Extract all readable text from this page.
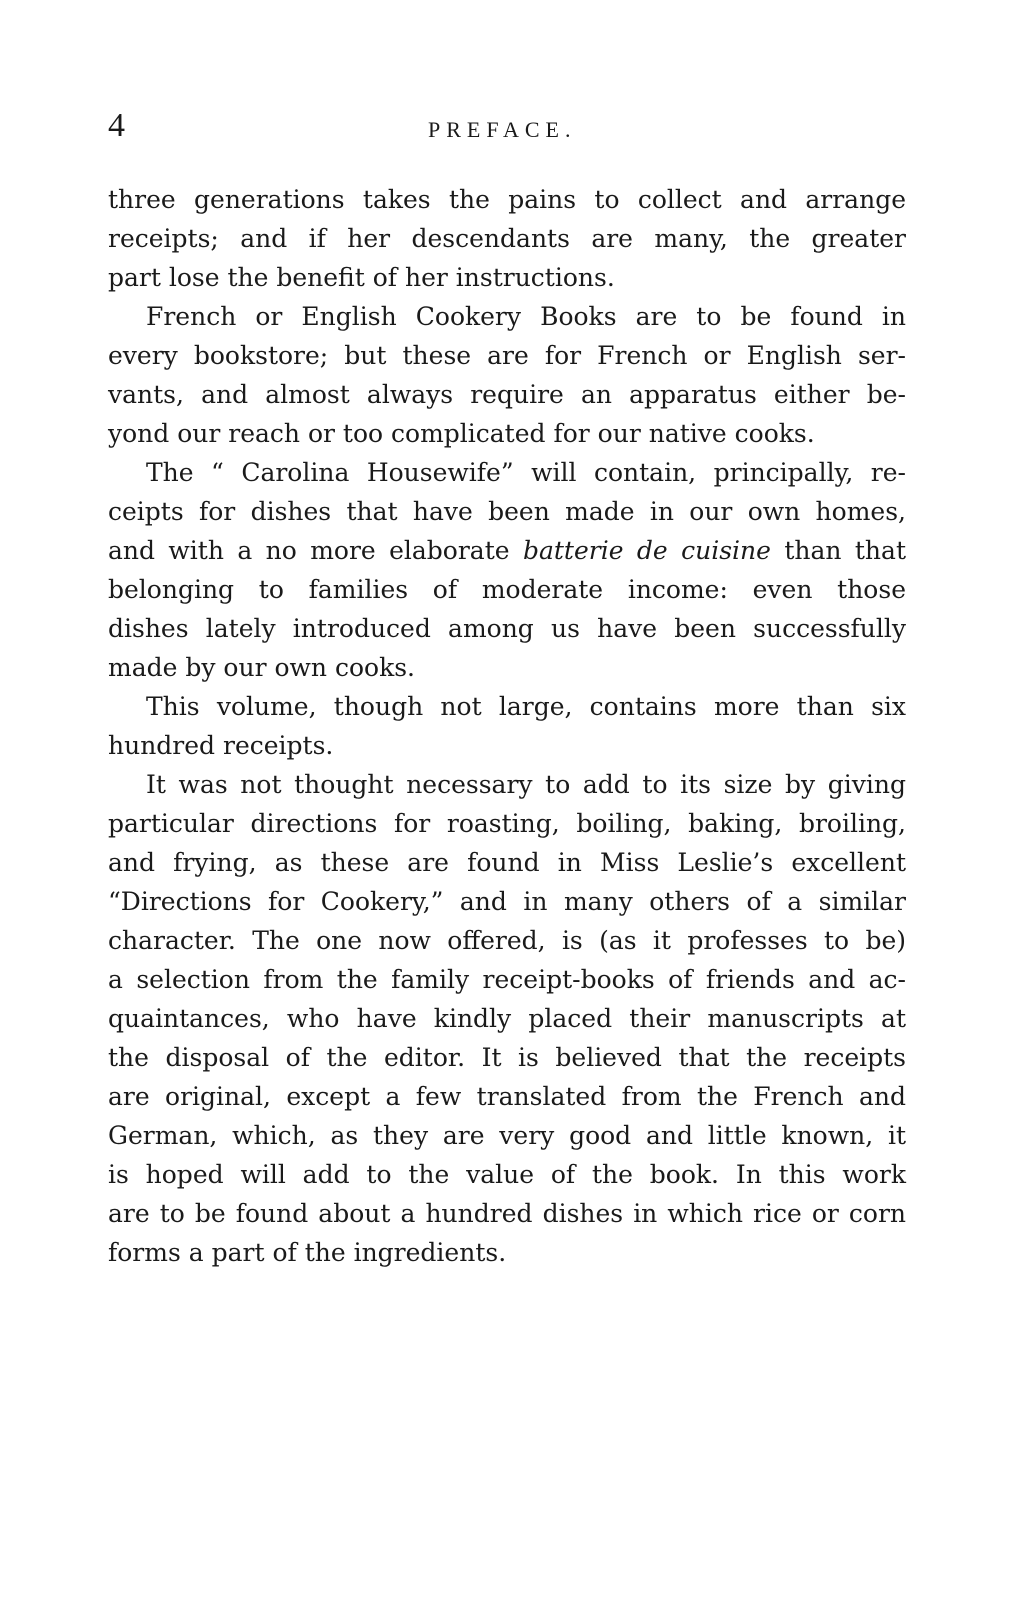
4	PREFACE.
three generations takes the pains to collect and arrange
receipts; and if her descendants are many, the greater
part lose the benefit of her instructions.
French or English Cookery Books are to be found in
every bookstore; but these are for French or English ser-
vants, and almost always require an apparatus either be-
yond our reach or too complicated for our native cooks.
The “ Carolina Housewife” will contain, principally, re-
ceipts for dishes that have been made in our own homes,
and with a no more elaborate batterie de cuisine than that
belonging to families of moderate income: even those
dishes lately introduced among us have been successfully
made by our own cooks.
This volume, though not large, contains more than six
hundred receipts.
It was not thought necessary to add to its size by giving
particular directions for roasting, boiling, baking, broiling,
and frying, as these are found in Miss Leslie’s excellent
“Directions for Cookery,” and in many others of a similar
character. The one now offered, is (as it professes to be)
a selection from the family receipt-books of friends and ac-
quaintances, who have kindly placed their manuscripts at
the disposal of the editor. It is believed that the receipts
are original, except a few translated from the French and
German, which, as they are very good and little known, it
is hoped will add to the value of the book. In this work
are to be found about a hundred dishes in which rice or corn
forms a part of the ingredients.
